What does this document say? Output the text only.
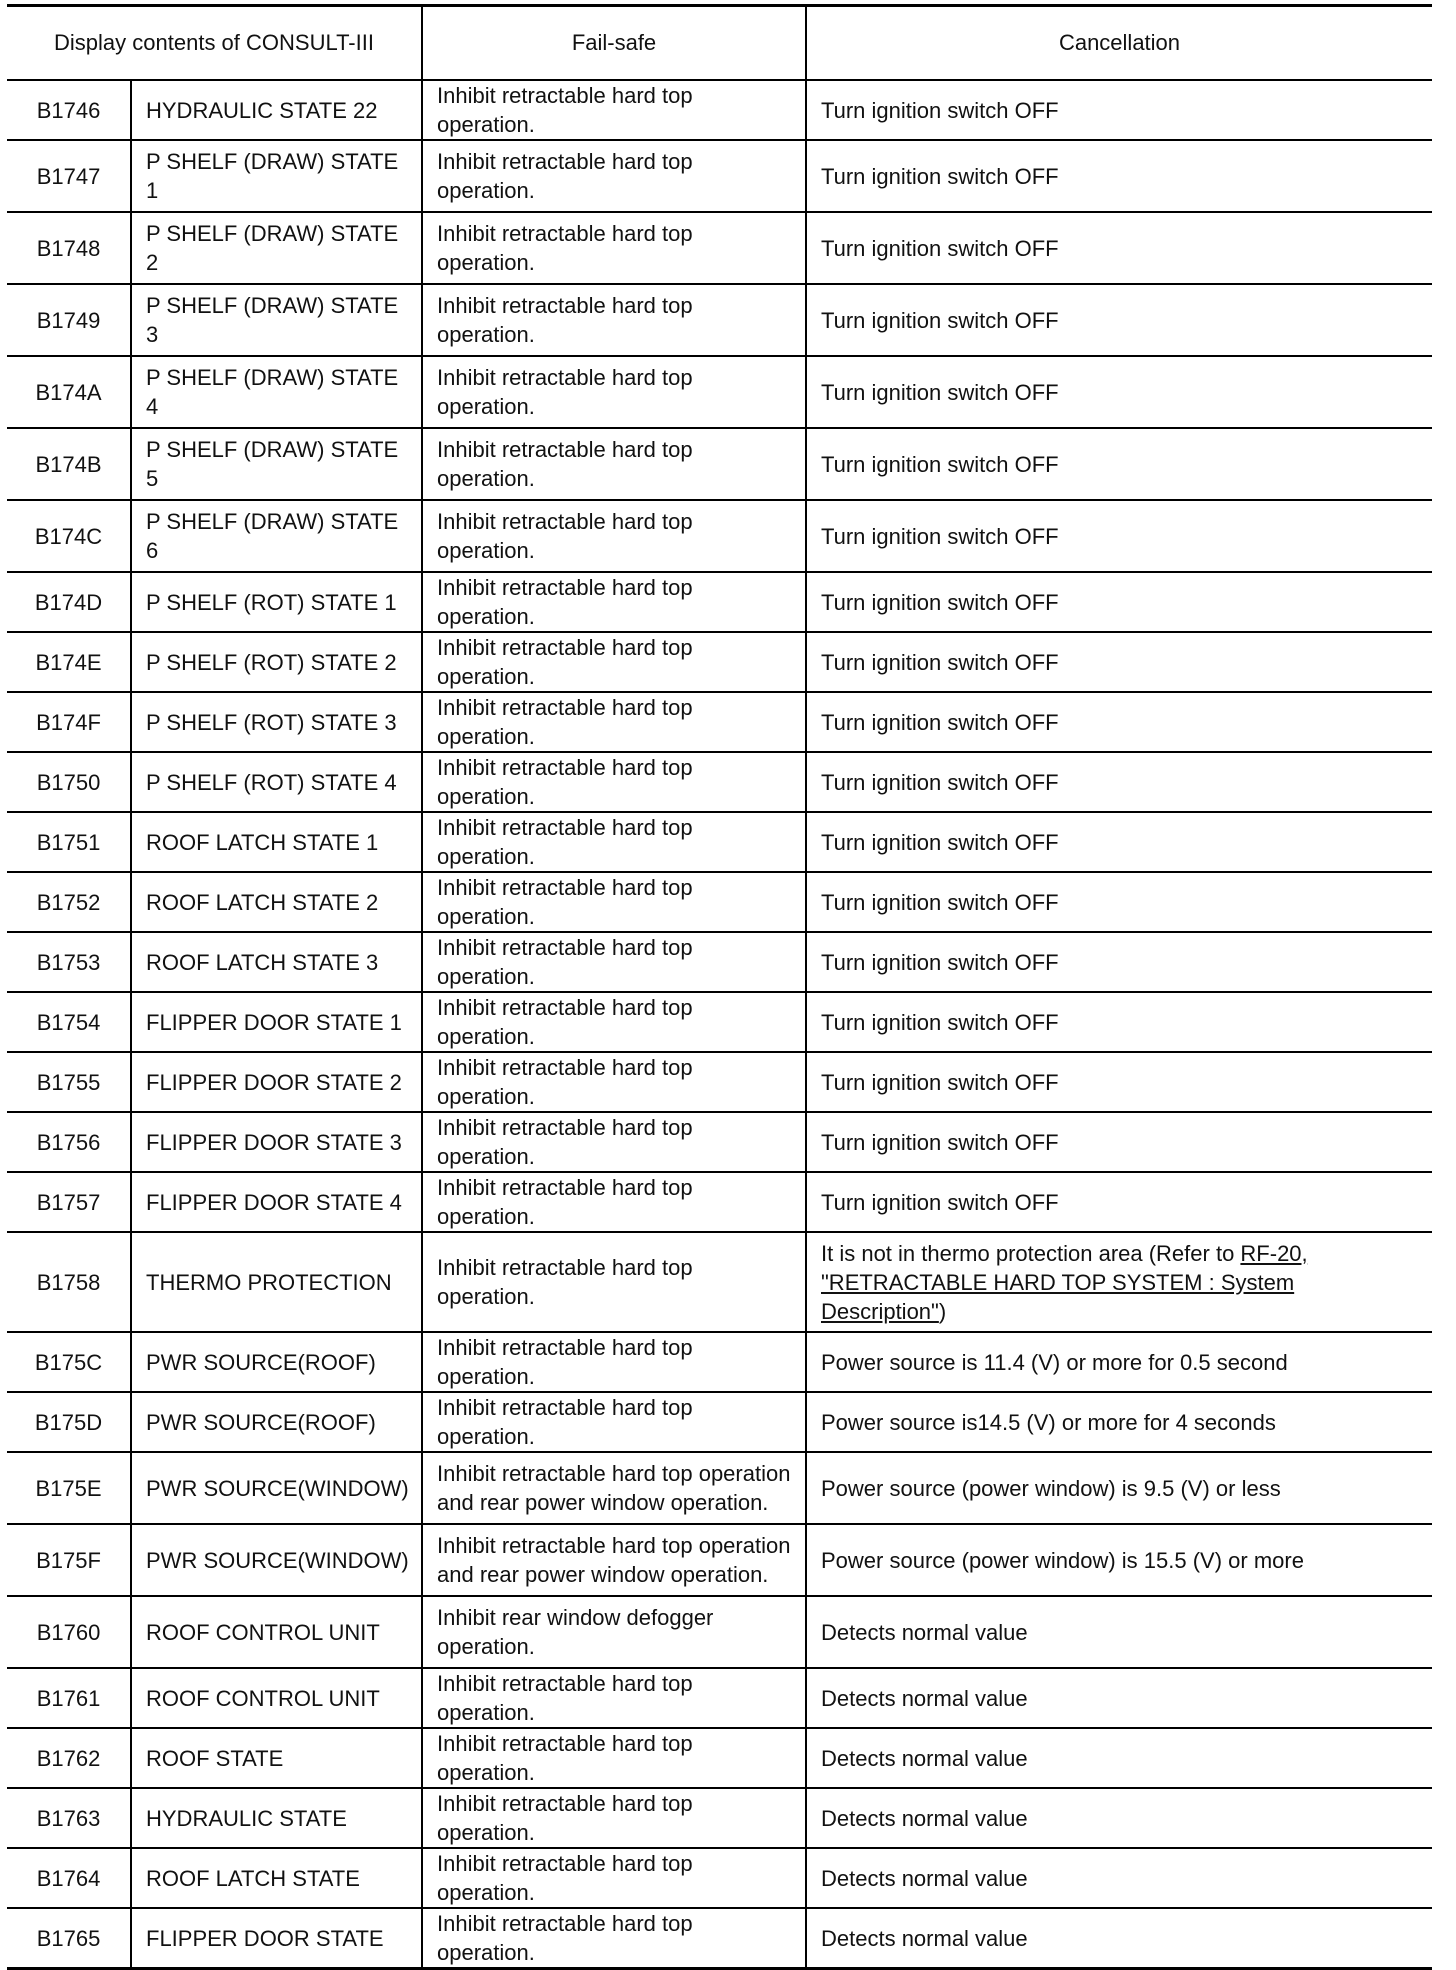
Display contents of CONSULT-III		Fail-safe	Cancellation
B1746	HYDRAULIC STATE 22	Inhibit retractable hard top operation.	Turn ignition switch OFF
B1747	P SHELF (DRAW) STATE 1	Inhibit retractable hard top operation.	Turn ignition switch OFF
B1748	P SHELF (DRAW) STATE 2	Inhibit retractable hard top operation.	Turn ignition switch OFF
B1749	P SHELF (DRAW) STATE 3	Inhibit retractable hard top operation.	Turn ignition switch OFF
B174A	P SHELF (DRAW) STATE 4	Inhibit retractable hard top operation.	Turn ignition switch OFF
B174B	P SHELF (DRAW) STATE 5	Inhibit retractable hard top operation.	Turn ignition switch OFF
B174C	P SHELF (DRAW) STATE 6	Inhibit retractable hard top operation.	Turn ignition switch OFF
B174D	P SHELF (ROT) STATE 1	Inhibit retractable hard top operation.	Turn ignition switch OFF
B174E	P SHELF (ROT) STATE 2	Inhibit retractable hard top operation.	Turn ignition switch OFF
B174F	P SHELF (ROT) STATE 3	Inhibit retractable hard top operation.	Turn ignition switch OFF
B1750	P SHELF (ROT) STATE 4	Inhibit retractable hard top operation.	Turn ignition switch OFF
B1751	ROOF LATCH STATE 1	Inhibit retractable hard top operation.	Turn ignition switch OFF
B1752	ROOF LATCH STATE 2	Inhibit retractable hard top operation.	Turn ignition switch OFF
B1753	ROOF LATCH STATE 3	Inhibit retractable hard top operation.	Turn ignition switch OFF
B1754	FLIPPER DOOR STATE 1	Inhibit retractable hard top operation.	Turn ignition switch OFF
B1755	FLIPPER DOOR STATE 2	Inhibit retractable hard top operation.	Turn ignition switch OFF
B1756	FLIPPER DOOR STATE 3	Inhibit retractable hard top operation.	Turn ignition switch OFF
B1757	FLIPPER DOOR STATE 4	Inhibit retractable hard top operation.	Turn ignition switch OFF
B1758	THERMO PROTECTION	Inhibit retractable hard top operation.	It is not in thermo protection area (Refer to RF-20, "RETRACTABLE HARD TOP SYSTEM : System Description")
B175C	PWR SOURCE(ROOF)	Inhibit retractable hard top operation.	Power source is 11.4 (V) or more for 0.5 second
B175D	PWR SOURCE(ROOF)	Inhibit retractable hard top operation.	Power source is14.5 (V) or more for 4 seconds
B175E	PWR SOURCE(WINDOW)	Inhibit retractable hard top operation and rear power window operation.	Power source (power window) is 9.5 (V) or less
B175F	PWR SOURCE(WINDOW)	Inhibit retractable hard top operation and rear power window operation.	Power source (power window) is 15.5 (V) or more
B1760	ROOF CONTROL UNIT	Inhibit rear window defogger operation.	Detects normal value
B1761	ROOF CONTROL UNIT	Inhibit retractable hard top operation.	Detects normal value
B1762	ROOF STATE	Inhibit retractable hard top operation.	Detects normal value
B1763	HYDRAULIC STATE	Inhibit retractable hard top operation.	Detects normal value
B1764	ROOF LATCH STATE	Inhibit retractable hard top operation.	Detects normal value
B1765	FLIPPER DOOR STATE	Inhibit retractable hard top operation.	Detects normal value
